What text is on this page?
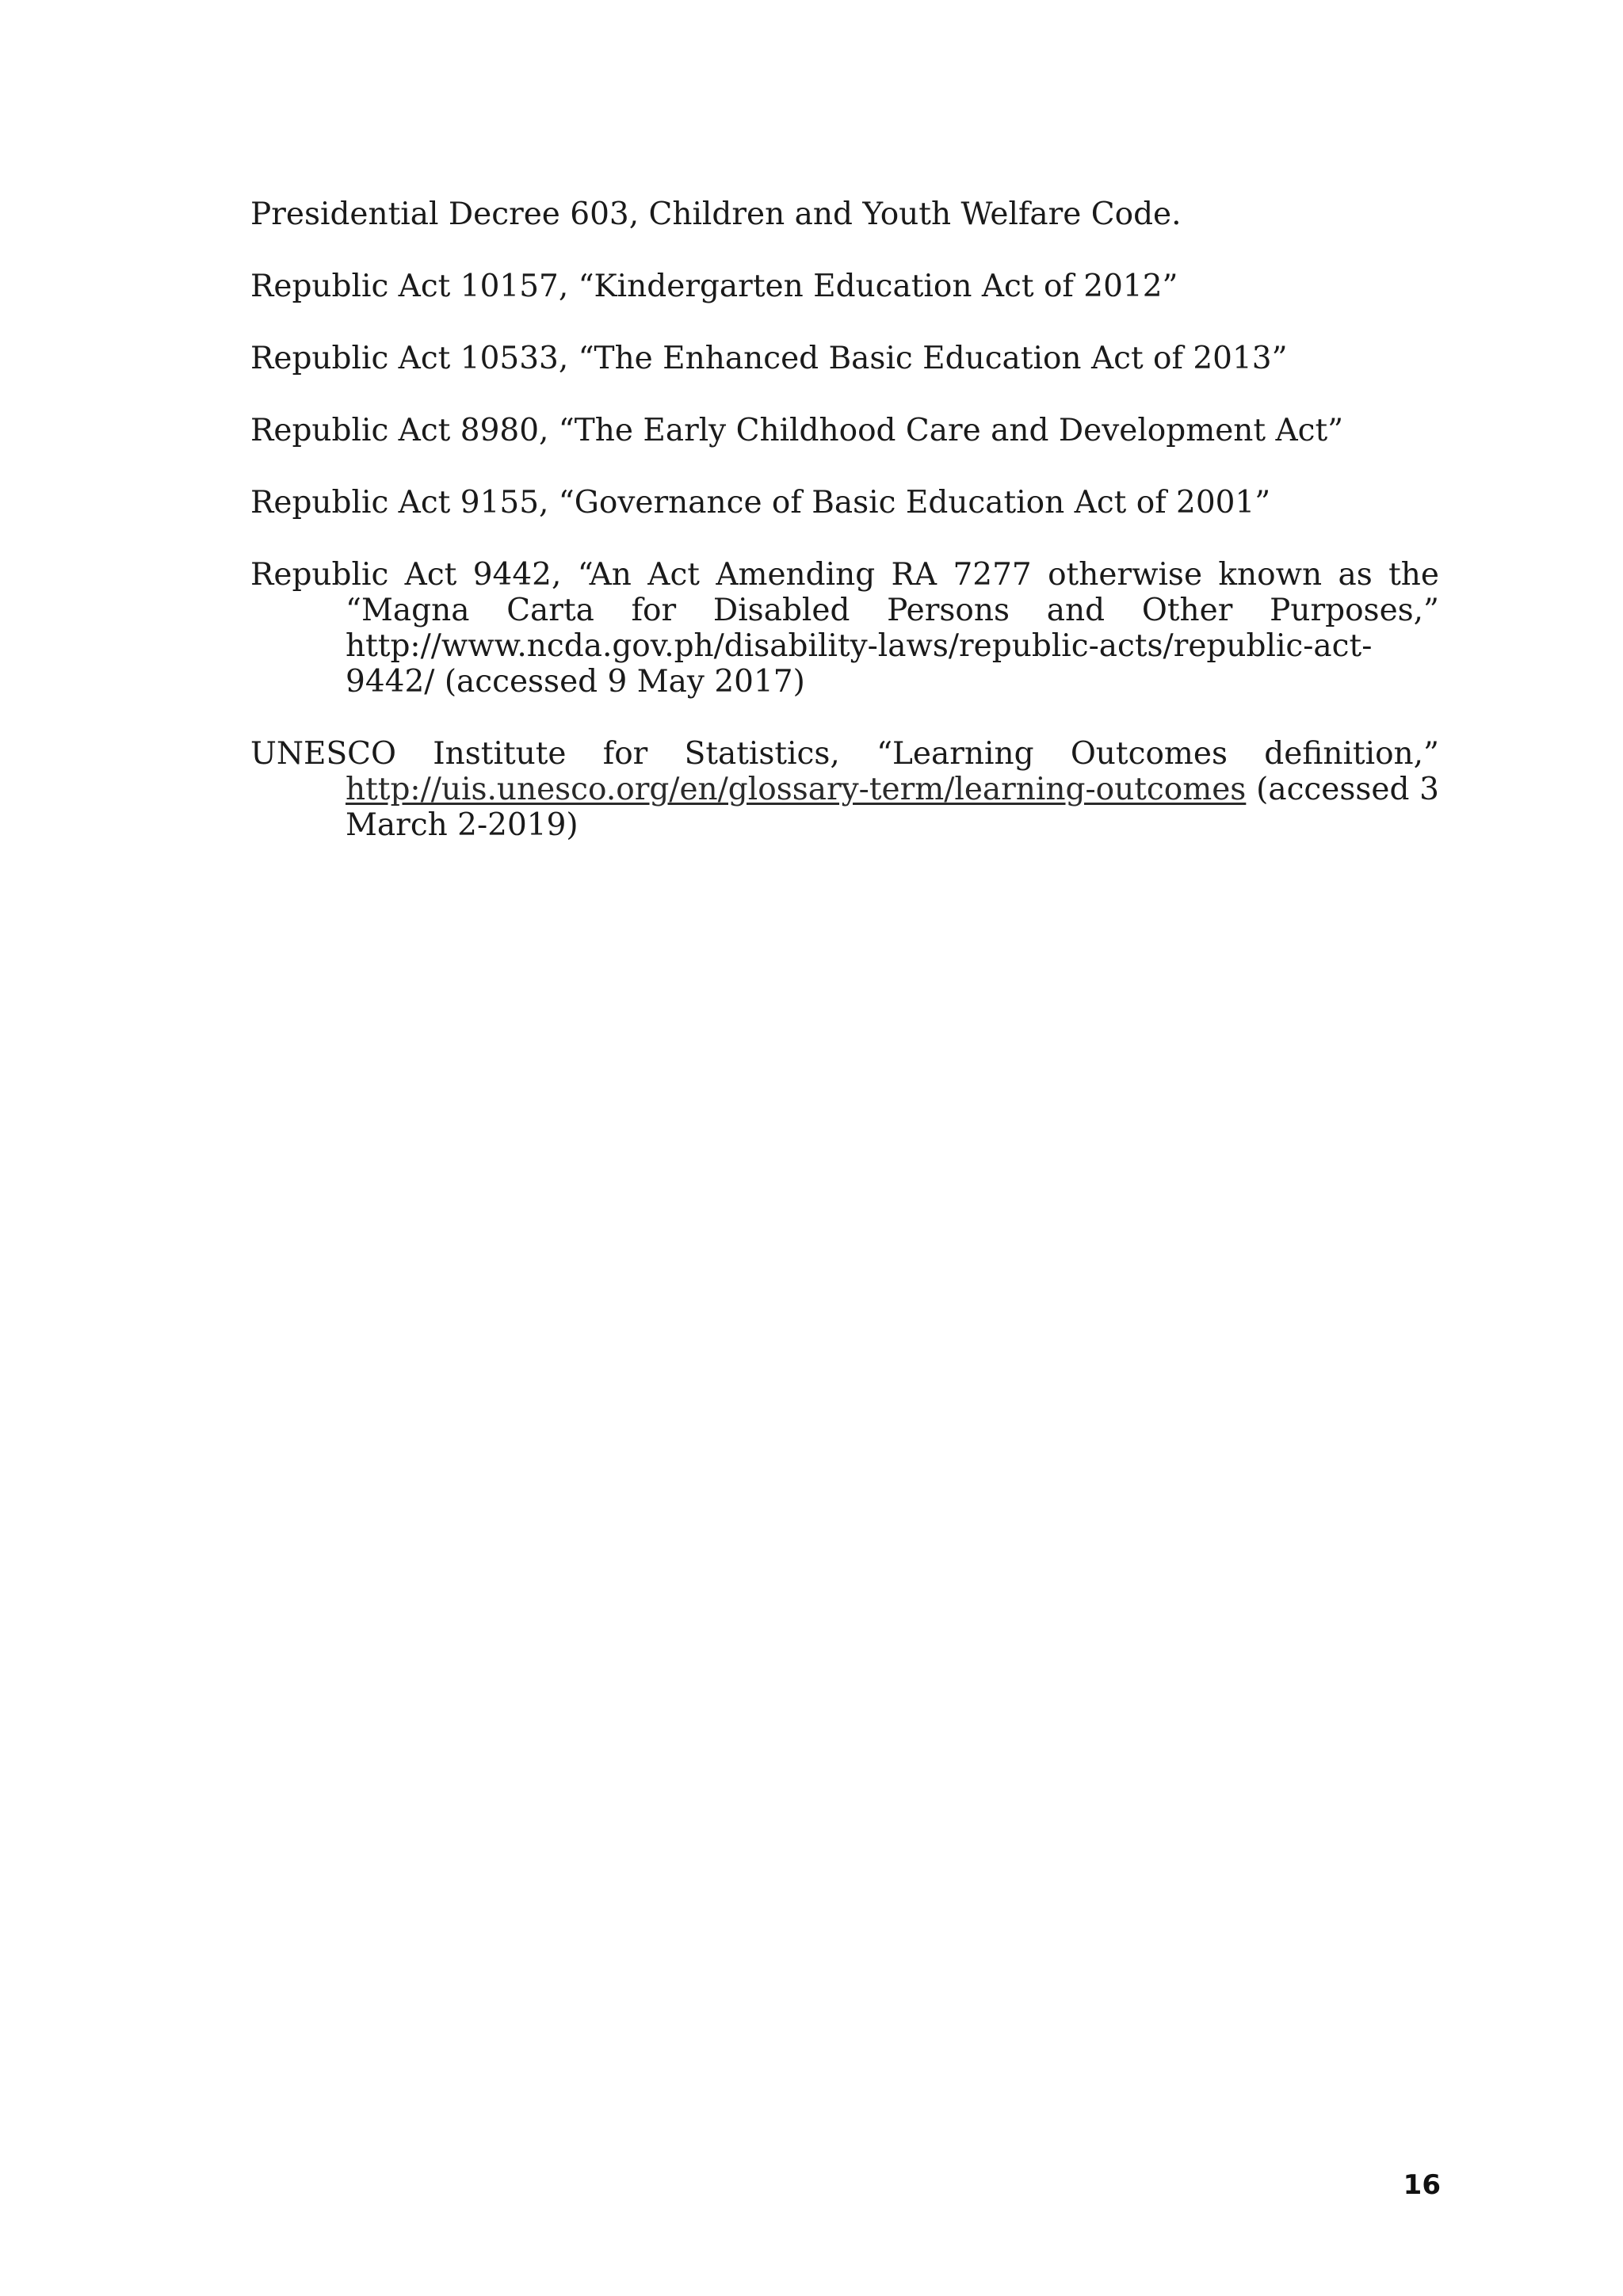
Presidential Decree 603, Children and Youth Welfare Code.

Republic Act 10157, “Kindergarten Education Act of 2012”

Republic Act 10533, “The Enhanced Basic Education Act of 2013”

Republic Act 8980, “The Early Childhood Care and Development Act”

Republic Act 9155, “Governance of Basic Education Act of 2001”

Republic Act 9442, “An Act Amending RA 7277 otherwise known as the “Magna Carta for Disabled Persons and Other Purposes,” http://www.ncda.gov.ph/disability-laws/republic-acts/republic-act-9442/ (accessed 9 May 2017)

UNESCO Institute for Statistics, “Learning Outcomes definition,” http://uis.unesco.org/en/glossary-term/learning-outcomes (accessed 3 March 2-2019)

16
